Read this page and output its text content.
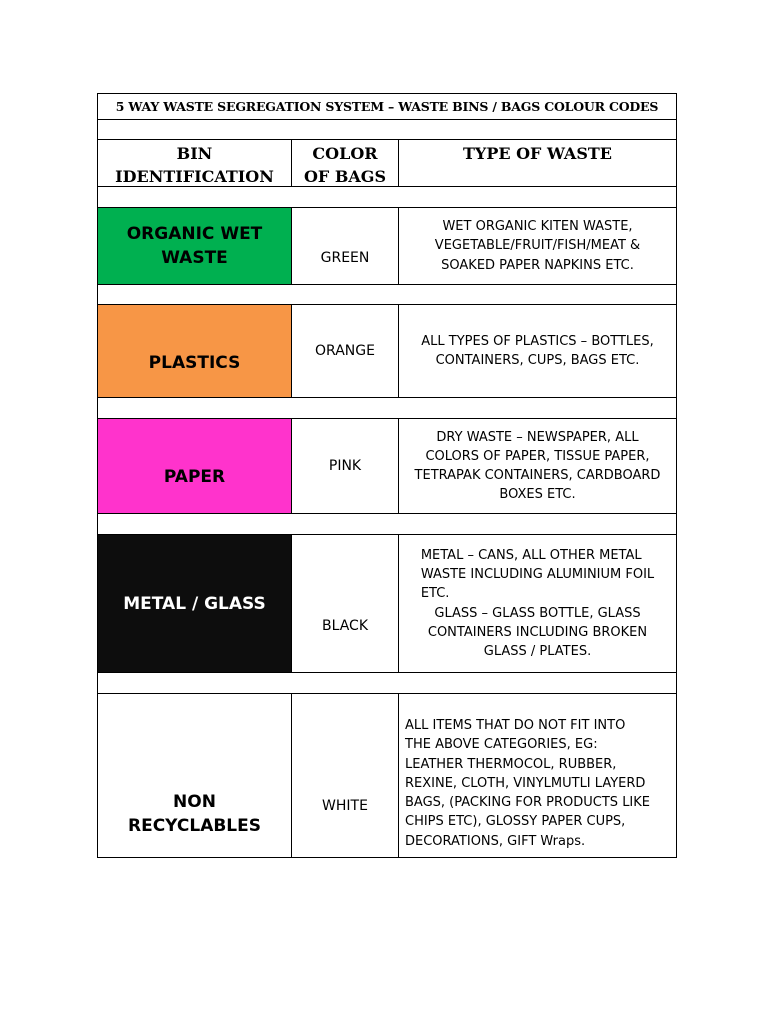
5 WAY WASTE SEGREGATION SYSTEM – WASTE BINS / BAGS COLOUR CODES
BIN
IDENTIFICATION
COLOR
OF BAGS
TYPE OF WASTE
ORGANIC WET
WASTE	GREEN
WET ORGANIC KITEN WASTE,
VEGETABLE/FRUIT/FISH/MEAT &
SOAKED PAPER NAPKINS ETC.
PLASTICS
ORANGE
ALL TYPES OF PLASTICS – BOTTLES,
CONTAINERS, CUPS, BAGS ETC.
PAPER
PINK
DRY WASTE – NEWSPAPER, ALL
COLORS OF PAPER, TISSUE PAPER,
TETRAPAK CONTAINERS, CARDBOARD
BOXES ETC.
METAL / GLASS
BLACK
METAL – CANS, ALL OTHER METAL
WASTE INCLUDING ALUMINIUM FOIL
ETC.
GLASS – GLASS BOTTLE, GLASS
CONTAINERS INCLUDING BROKEN
GLASS / PLATES.
NON
RECYCLABLES
WHITE
ALL ITEMS THAT DO NOT FIT INTO
THE ABOVE CATEGORIES, EG:
LEATHER THERMOCOL, RUBBER,
REXINE, CLOTH, VINYLMUTLI LAYERD
BAGS, (PACKING FOR PRODUCTS LIKE
CHIPS ETC), GLOSSY PAPER CUPS,
DECORATIONS, GIFT Wraps.
